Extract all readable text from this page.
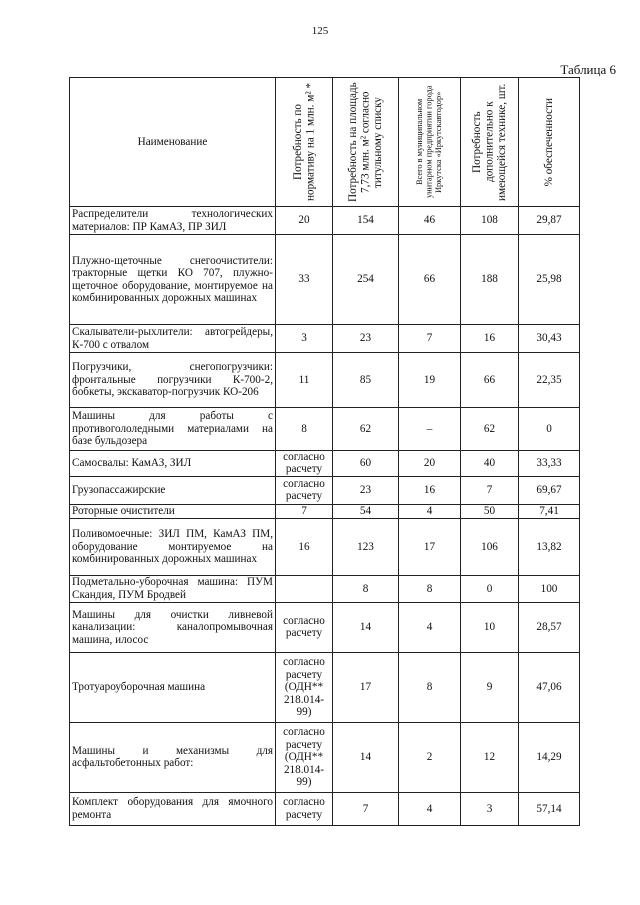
125
Таблица 6
Наименование	Потребность по нормативу на 1 млн. м² *	Потребность на площадь 7,73 млн. м² согласно титульному списку	Всего в муниципальном унитарном предприятии города Иркутска «Иркутскавтодор»	Потребность дополнительно к имеющейся технике, шт.	% обеспеченности

Распределители технологических материалов: ПР КамАЗ, ПР ЗИЛ	20	154	46	108	29,87
Плужно-щеточные снегоочистители: тракторные щетки КО 707, плужно-щеточное оборудование, монтируемое на комбинированных дорожных машинах	33	254	66	188	25,98
Скалыватели-рыхлители: автогрейдеры, К-700 с отвалом	3	23	7	16	30,43
Погрузчики, снегопогрузчики: фронтальные погрузчики К-700-2, бобкеты, экскаватор-погрузчик КО-206	11	85	19	66	22,35
Машины для работы с противогололедными материалами на базе бульдозера	8	62	–	62	0
Самосвалы: КамАЗ, ЗИЛ	согласно расчету	60	20	40	33,33
Грузопассажирские	согласно расчету	23	16	7	69,67
Роторные очистители	7	54	4	50	7,41
Поливомоечные: ЗИЛ ПМ, КамАЗ ПМ, оборудование монтируемое на комбинированных дорожных машинах	16	123	17	106	13,82
Подметально-уборочная машина: ПУМ Скандия, ПУМ Бродвей		8	8	0	100
Машины для очистки ливневой канализации: каналопромывочная машина, илосос	согласно расчету	14	4	10	28,57
Тротуароуборочная машина	согласно расчету (ОДН** 218.014-99)	17	8	9	47,06
Машины и механизмы для асфальтобетонных работ:	согласно расчету (ОДН** 218.014-99)	14	2	12	14,29
Комплект оборудования для ямочного ремонта	согласно расчету	7	4	3	57,14
